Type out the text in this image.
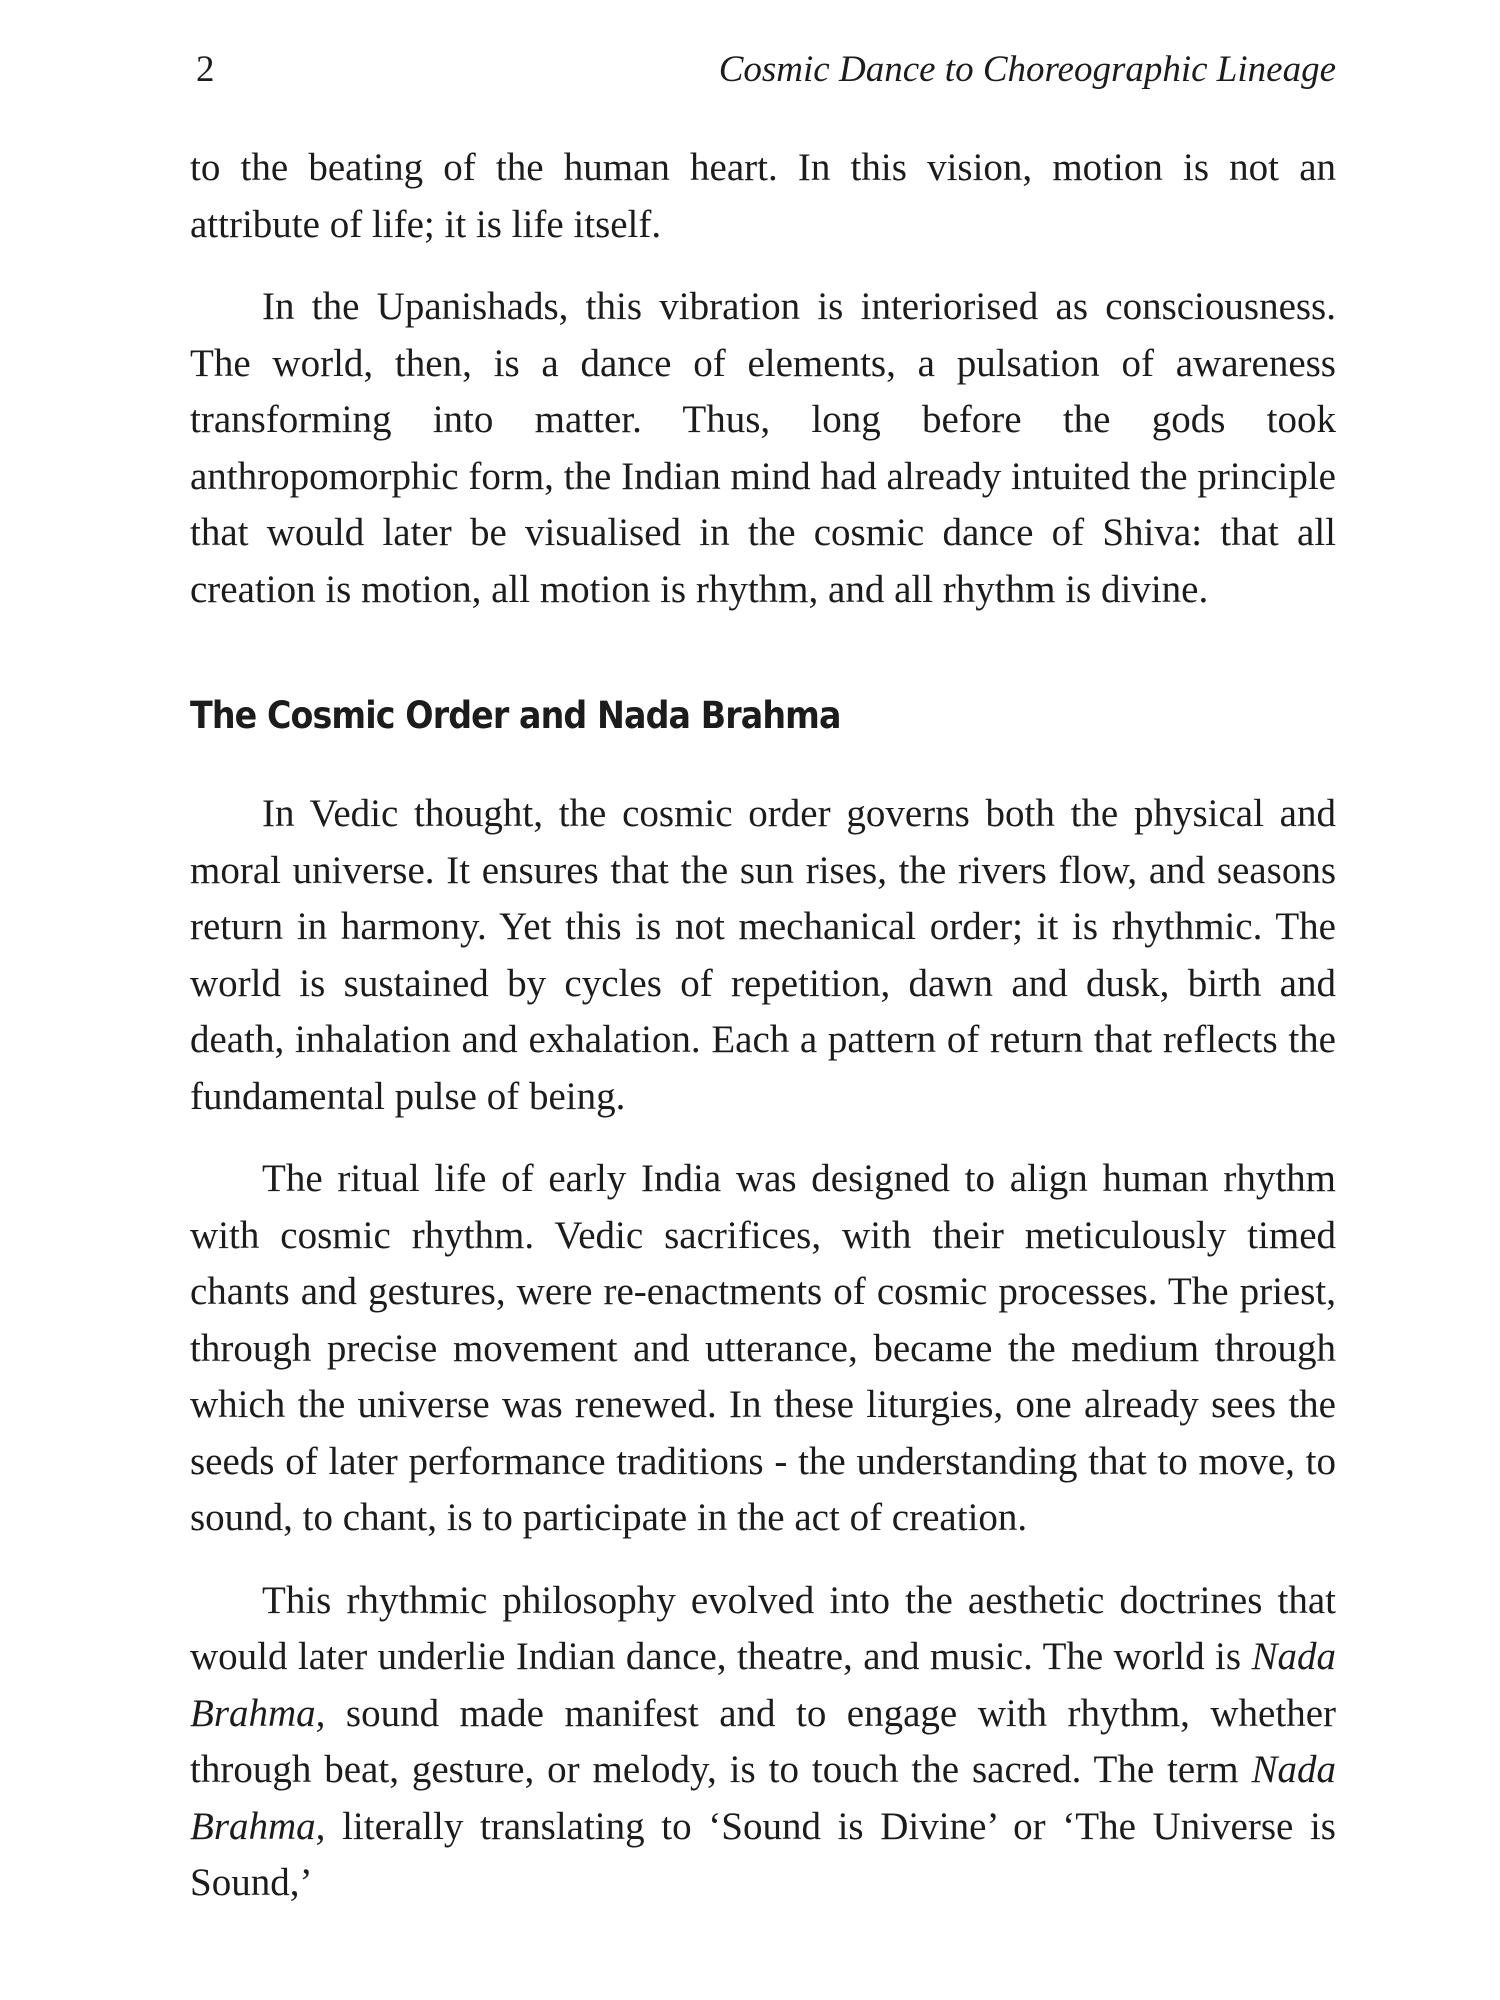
2	Cosmic Dance to Choreographic Lineage

to the beating of the human heart. In this vision, motion is not an attribute of life; it is life itself.

In the Upanishads, this vibration is interiorised as consciousness. The world, then, is a dance of elements, a pulsation of awareness transforming into matter. Thus, long before the gods took anthropomorphic form, the Indian mind had already intuited the principle that would later be visualised in the cosmic dance of Shiva: that all creation is motion, all motion is rhythm, and all rhythm is divine.

The Cosmic Order and Nada Brahma

In Vedic thought, the cosmic order governs both the physical and moral universe. It ensures that the sun rises, the rivers flow, and seasons return in harmony. Yet this is not mechanical order; it is rhythmic. The world is sustained by cycles of repetition, dawn and dusk, birth and death, inhalation and exhalation. Each a pattern of return that reflects the fundamental pulse of being.

The ritual life of early India was designed to align human rhythm with cosmic rhythm. Vedic sacrifices, with their meticulously timed chants and gestures, were re-enactments of cosmic processes. The priest, through precise movement and utterance, became the medium through which the universe was renewed. In these liturgies, one already sees the seeds of later performance traditions - the understanding that to move, to sound, to chant, is to participate in the act of creation.

This rhythmic philosophy evolved into the aesthetic doctrines that would later underlie Indian dance, theatre, and music. The world is Nada Brahma, sound made manifest and to engage with rhythm, whether through beat, gesture, or melody, is to touch the sacred. The term Nada Brahma, literally translating to ‘Sound is Divine’ or ‘The Universe is Sound,’
